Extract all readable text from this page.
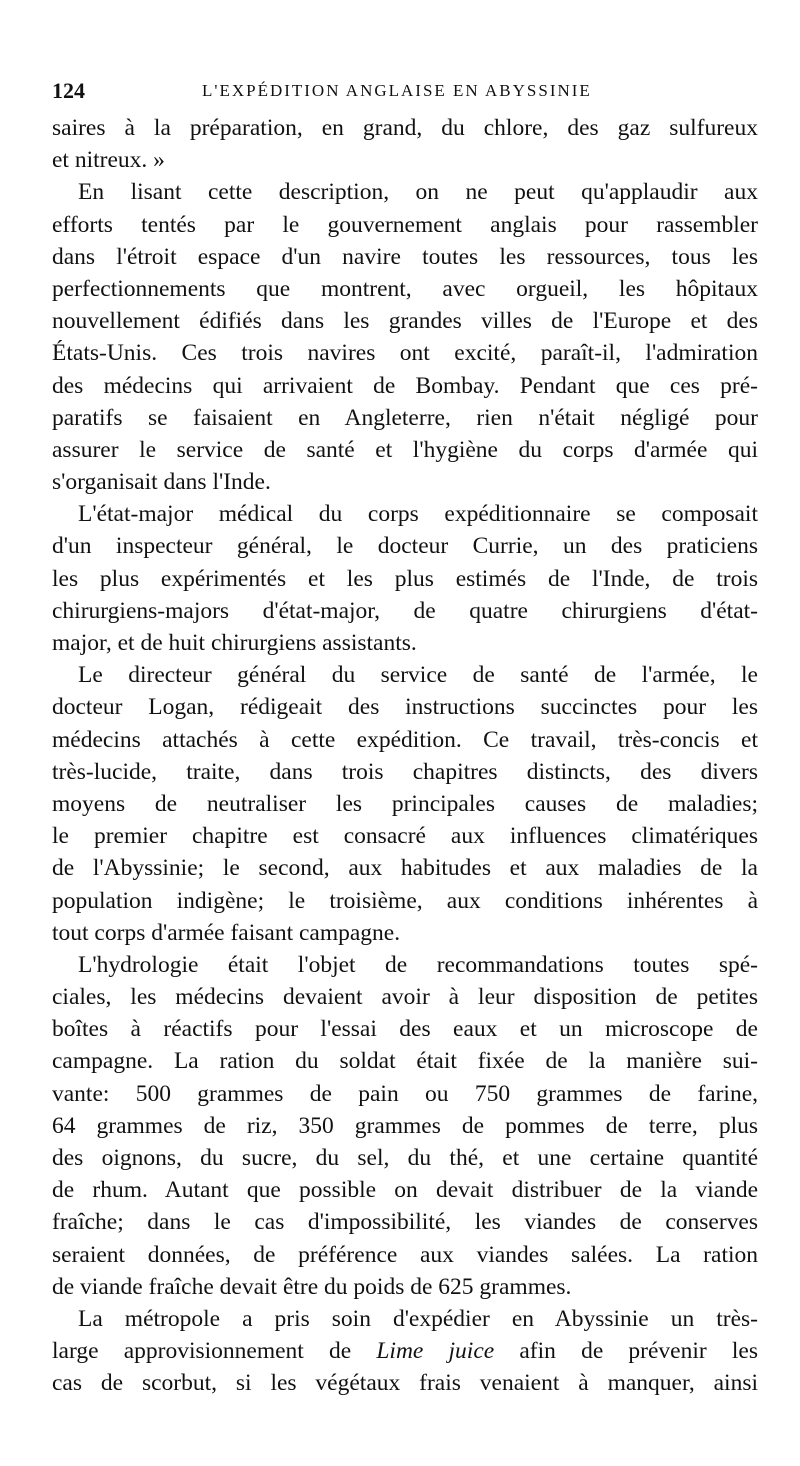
124	L'EXPÉDITION ANGLAISE EN ABYSSINIE
saires à la préparation, en grand, du chlore, des gaz sulfureux
et nitreux. »
En lisant cette description, on ne peut qu'applaudir aux
efforts tentés par le gouvernement anglais pour rassembler
dans l'étroit espace d'un navire toutes les ressources, tous les
perfectionnements que montrent, avec orgueil, les hôpitaux
nouvellement édifiés dans les grandes villes de l'Europe et des
États-Unis. Ces trois navires ont excité, paraît-il, l'admiration
des médecins qui arrivaient de Bombay. Pendant que ces pré-
paratifs se faisaient en Angleterre, rien n'était négligé pour
assurer le service de santé et l'hygiène du corps d'armée qui
s'organisait dans l'Inde.
L'état-major médical du corps expéditionnaire se composait
d'un inspecteur général, le docteur Currie, un des praticiens
les plus expérimentés et les plus estimés de l'Inde, de trois
chirurgiens-majors d'état-major, de quatre chirurgiens d'état-
major, et de huit chirurgiens assistants.
Le directeur général du service de santé de l'armée, le
docteur Logan, rédigeait des instructions succinctes pour les
médecins attachés à cette expédition. Ce travail, très-concis et
très-lucide, traite, dans trois chapitres distincts, des divers
moyens de neutraliser les principales causes de maladies;
le premier chapitre est consacré aux influences climatériques
de l'Abyssinie; le second, aux habitudes et aux maladies de la
population indigène; le troisième, aux conditions inhérentes à
tout corps d'armée faisant campagne.
L'hydrologie était l'objet de recommandations toutes spé-
ciales, les médecins devaient avoir à leur disposition de petites
boîtes à réactifs pour l'essai des eaux et un microscope de
campagne. La ration du soldat était fixée de la manière sui-
vante: 500 grammes de pain ou 750 grammes de farine,
64 grammes de riz, 350 grammes de pommes de terre, plus
des oignons, du sucre, du sel, du thé, et une certaine quantité
de rhum. Autant que possible on devait distribuer de la viande
fraîche; dans le cas d'impossibilité, les viandes de conserves
seraient données, de préférence aux viandes salées. La ration
de viande fraîche devait être du poids de 625 grammes.
La métropole a pris soin d'expédier en Abyssinie un très-
large approvisionnement de Lime juice afin de prévenir les
cas de scorbut, si les végétaux frais venaient à manquer, ainsi
